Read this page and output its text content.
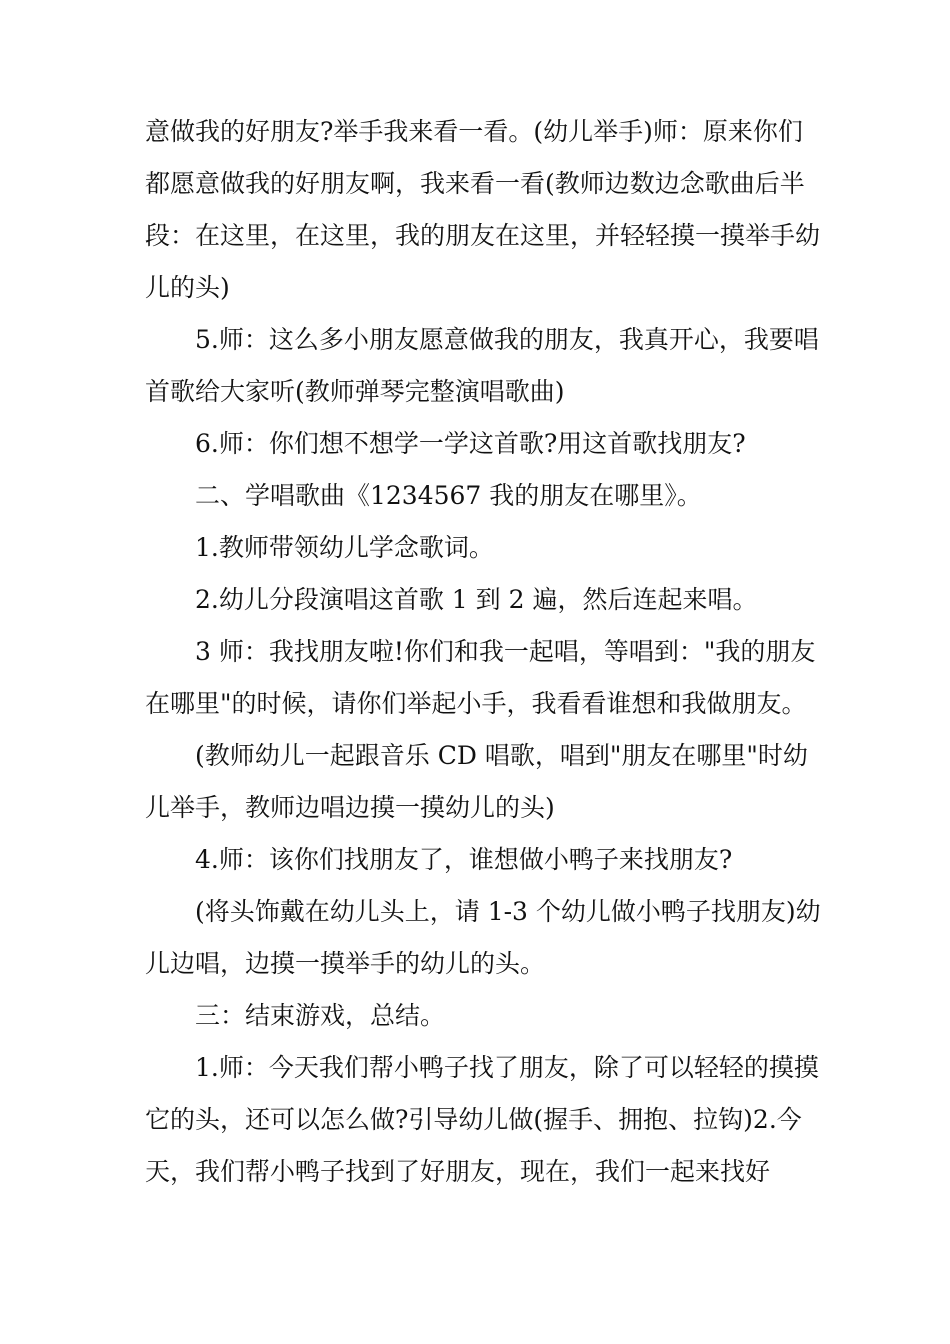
意做我的好朋友?举手我来看一看。(幼儿举手)师：原来你们都愿意做我的好朋友啊，我来看一看(教师边数边念歌曲后半段：在这里，在这里，我的朋友在这里，并轻轻摸一摸举手幼儿的头)

5.师：这么多小朋友愿意做我的朋友，我真开心，我要唱首歌给大家听(教师弹琴完整演唱歌曲)

6.师：你们想不想学一学这首歌?用这首歌找朋友?

二、学唱歌曲《1234567 我的朋友在哪里》。

1.教师带领幼儿学念歌词。

2.幼儿分段演唱这首歌 1 到 2 遍，然后连起来唱。

3 师：我找朋友啦!你们和我一起唱，等唱到："我的朋友在哪里"的时候，请你们举起小手，我看看谁想和我做朋友。

(教师幼儿一起跟音乐 CD 唱歌，唱到"朋友在哪里"时幼儿举手，教师边唱边摸一摸幼儿的头)

4.师：该你们找朋友了，谁想做小鸭子来找朋友?

(将头饰戴在幼儿头上，请 1-3 个幼儿做小鸭子找朋友)幼儿边唱，边摸一摸举手的幼儿的头。

三：结束游戏，总结。

1.师：今天我们帮小鸭子找了朋友，除了可以轻轻的摸摸它的头，还可以怎么做?引导幼儿做(握手、拥抱、拉钩)2.今天，我们帮小鸭子找到了好朋友，现在，我们一起来找好
